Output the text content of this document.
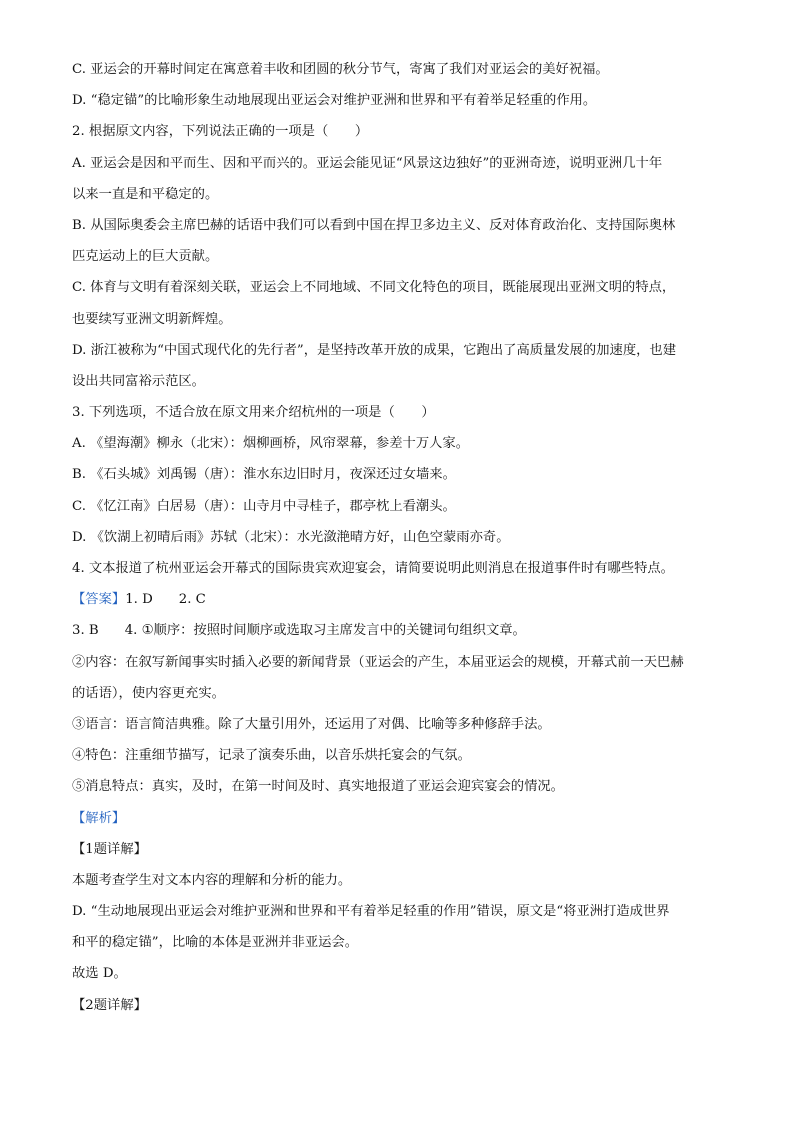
C. 亚运会的开幕时间定在寓意着丰收和团圆的秋分节气，寄寓了我们对亚运会的美好祝福。
D. “稳定锚”的比喻形象生动地展现出亚运会对维护亚洲和世界和平有着举足轻重的作用。
2. 根据原文内容，下列说法正确的一项是（　　）
A. 亚运会是因和平而生、因和平而兴的。亚运会能见证“风景这边独好”的亚洲奇迹，说明亚洲几十年
以来一直是和平稳定的。
B. 从国际奥委会主席巴赫的话语中我们可以看到中国在捍卫多边主义、反对体育政治化、支持国际奥林
匹克运动上的巨大贡献。
C. 体育与文明有着深刻关联，亚运会上不同地域、不同文化特色的项目，既能展现出亚洲文明的特点，
也要续写亚洲文明新辉煌。
D. 浙江被称为“中国式现代化的先行者”，是坚持改革开放的成果，它跑出了高质量发展的加速度，也建
设出共同富裕示范区。
3. 下列选项，不适合放在原文用来介绍杭州的一项是（　　）
A. 《望海潮》柳永（北宋）：烟柳画桥，风帘翠幕，参差十万人家。
B. 《石头城》刘禹锡（唐）：淮水东边旧时月，夜深还过女墙来。
C. 《忆江南》白居易（唐）：山寺月中寻桂子，郡亭枕上看潮头。
D. 《饮湖上初晴后雨》苏轼（北宋）：水光潋滟晴方好，山色空蒙雨亦奇。
4. 文本报道了杭州亚运会开幕式的国际贵宾欢迎宴会，请简要说明此则消息在报道事件时有哪些特点。
【答案】1. D 2. C
3. B 4. ①顺序：按照时间顺序或选取习主席发言中的关键词句组织文章。
②内容：在叙写新闻事实时插入必要的新闻背景（亚运会的产生，本届亚运会的规模，开幕式前一天巴赫
的话语），使内容更充实。
③语言：语言简洁典雅。除了大量引用外，还运用了对偶、比喻等多种修辞手法。
④特色：注重细节描写，记录了演奏乐曲，以音乐烘托宴会的气氛。
⑤消息特点：真实，及时，在第一时间及时、真实地报道了亚运会迎宾宴会的情况。
【解析】
【1题详解】
本题考查学生对文本内容的理解和分析的能力。
D. “生动地展现出亚运会对维护亚洲和世界和平有着举足轻重的作用”错误，原文是“将亚洲打造成世界
和平的稳定锚”，比喻的本体是亚洲并非亚运会。
故选 D。
【2题详解】
